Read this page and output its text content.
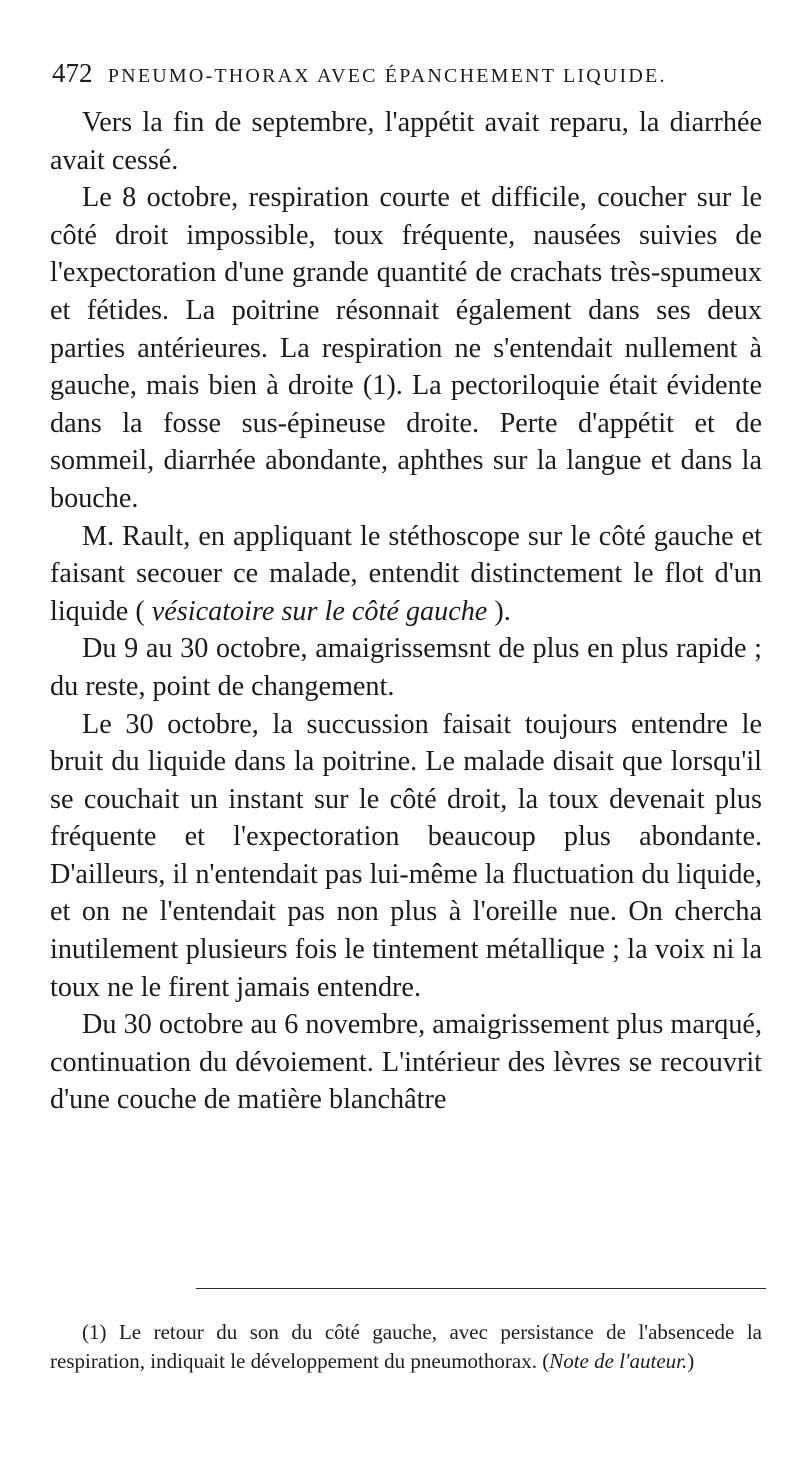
472 PNEUMO-THORAX AVEC ÉPANCHEMENT LIQUIDE.

Vers la fin de septembre, l'appétit avait reparu, la diarrhée avait cessé.

Le 8 octobre, respiration courte et difficile, coucher sur le côté droit impossible, toux fréquente, nausées suivies de l'expectoration d'une grande quantité de crachats très-spumeux et fétides. La poitrine résonnait également dans ses deux parties antérieures. La respiration ne s'entendait nullement à gauche, mais bien à droite (1). La pectoriloquie était évidente dans la fosse sus-épineuse droite. Perte d'appétit et de sommeil, diarrhée abondante, aphthes sur la langue et dans la bouche.

M. Rault, en appliquant le stéthoscope sur le côté gauche et faisant secouer ce malade, entendit distinctement le flot d'un liquide ( vésicatoire sur le côté gauche ).

Du 9 au 30 octobre, amaigrissemsnt de plus en plus rapide ; du reste, point de changement.

Le 30 octobre, la succussion faisait toujours entendre le bruit du liquide dans la poitrine. Le malade disait que lorsqu'il se couchait un instant sur le côté droit, la toux devenait plus fréquente et l'expectoration beaucoup plus abondante. D'ailleurs, il n'entendait pas lui-même la fluctuation du liquide, et on ne l'entendait pas non plus à l'oreille nue. On chercha inutilement plusieurs fois le tintement métallique ; la voix ni la toux ne le firent jamais entendre.

Du 30 octobre au 6 novembre, amaigrissement plus marqué, continuation du dévoiement. L'intérieur des lèvres se recouvrit d'une couche de matière blanchâtre

(1) Le retour du son du côté gauche, avec persistance de l'absencede la respiration, indiquait le développement du pneumothorax. (Note de l'auteur.)
